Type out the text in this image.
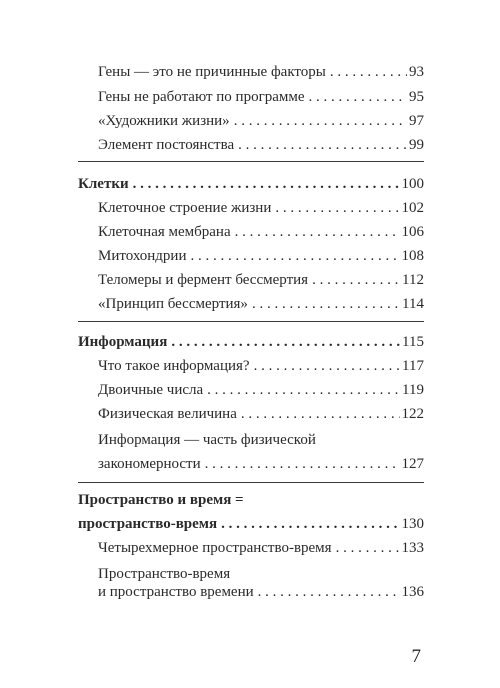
Гены — это не причинные факторы . . .	93
Гены не работают по программе . . .	95
«Художники жизни» . . .	97
Элемент постоянства . . .	99
Клетки . . .	100
Клеточное строение жизни . . .	102
Клеточная мембрана . . .	106
Митохондрии . . .	108
Теломеры и фермент бессмертия . . .	112
«Принцип бессмертия» . . .	114
Информация . . .	115
Что такое информация? . . .	117
Двоичные числа . . .	119
Физическая величина . . .	122
Информация — часть физической
закономерности . . .	127
Пространство и время =
пространство-время . . .	130
Четырехмерное пространство-время . . .	133
Пространство-время
и пространство времени . . .	136
7
